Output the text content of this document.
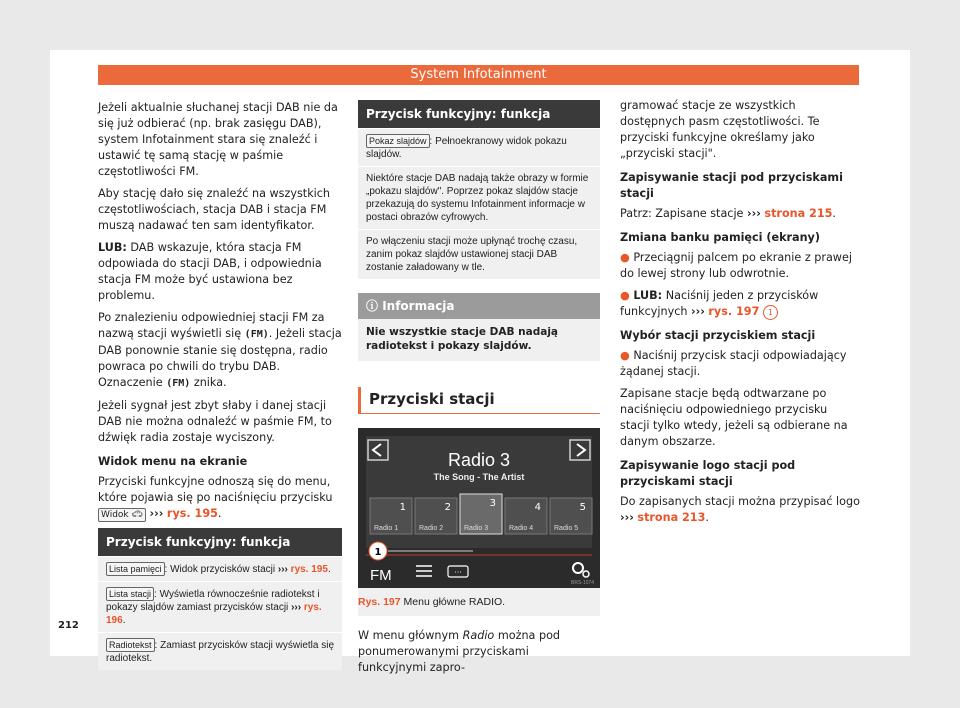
System Infotainment

Jeżeli aktualnie słuchanej stacji DAB nie da się już odbierać (np. brak zasięgu DAB), system Infotainment stara się znaleźć i ustawić tę samą stację w paśmie częstotliwości FM.

Aby stację dało się znaleźć na wszystkich częstotliwościach, stacja DAB i stacja FM muszą nadawać ten sam identyfikator.

LUB: DAB wskazuje, która stacja FM odpowiada do stacji DAB, i odpowiednia stacja FM może być ustawiona bez problemu.

Po znalezieniu odpowiedniej stacji FM za nazwą stacji wyświetli się (FM). Jeżeli stacja DAB ponownie stanie się dostępna, radio powraca po chwili do trybu DAB. Oznaczenie (FM) znika.

Jeżeli sygnał jest zbyt słaby i danej stacji DAB nie można odnaleźć w paśmie FM, to dźwięk radia zostaje wyciszony.

Widok menu na ekranie

Przyciski funkcyjne odnoszą się do menu, które pojawia się po naciśnięciu przycisku Widok 🚗︎ ››› rys. 195.

Przycisk funkcyjny: funkcja
Lista pamięci : Widok przycisków stacji ››› rys. 195.
Lista stacji : Wyświetla równocześnie radiotekst i pokazy slajdów zamiast przycisków stacji ››› rys. 196.
Radiotekst : Zamiast przycisków stacji wyświetla się radiotekst.
Przycisk funkcyjny: funkcja
Pokaz slajdów : Pełnoekranowy widok pokazu slajdów.
Niektóre stacje DAB nadają także obrazy w formie „pokazu slajdów". Poprzez pokaz slajdów stacje przekazują do systemu Infotainment informacje w postaci obrazów cyfrowych.
Po włączeniu stacji może upłynąć trochę czasu, zanim pokaz slajdów ustawionej stacji DAB zostanie załadowany w tle.
ⓘ Informacja
Nie wszystkie stacje DAB nadają radiotekst i pokazy slajdów.
Przyciski stacji
Radio 3
The Song - The Artist
1
Radio 1
2
Radio 2
3
Radio 3
4
Radio 4
5
Radio 5
1
FM	···
BRS-1074
Rys. 197 Menu główne RADIO.

W menu głównym Radio można pod ponumerowanymi przyciskami funkcyjnymi zapro-

gramować stacje ze wszystkich dostępnych pasm częstotliwości. Te przyciski funkcyjne określamy jako „przyciski stacji".

Zapisywanie stacji pod przyciskami stacji

Patrz: Zapisane stacje ››› strona 215.

Zmiana banku pamięci (ekrany)

● Przeciągnij palcem po ekranie z prawej do lewej strony lub odwrotnie.

● LUB: Naciśnij jeden z przycisków funkcyjnych ››› rys. 197 1

Wybór stacji przyciskiem stacji

● Naciśnij przycisk stacji odpowiadający żądanej stacji.

Zapisane stacje będą odtwarzane po naciśnięciu odpowiedniego przycisku stacji tylko wtedy, jeżeli są odbierane na danym obszarze.

Zapisywanie logo stacji pod przyciskami stacji

Do zapisanych stacji można przypisać logo ››› strona 213.

212
